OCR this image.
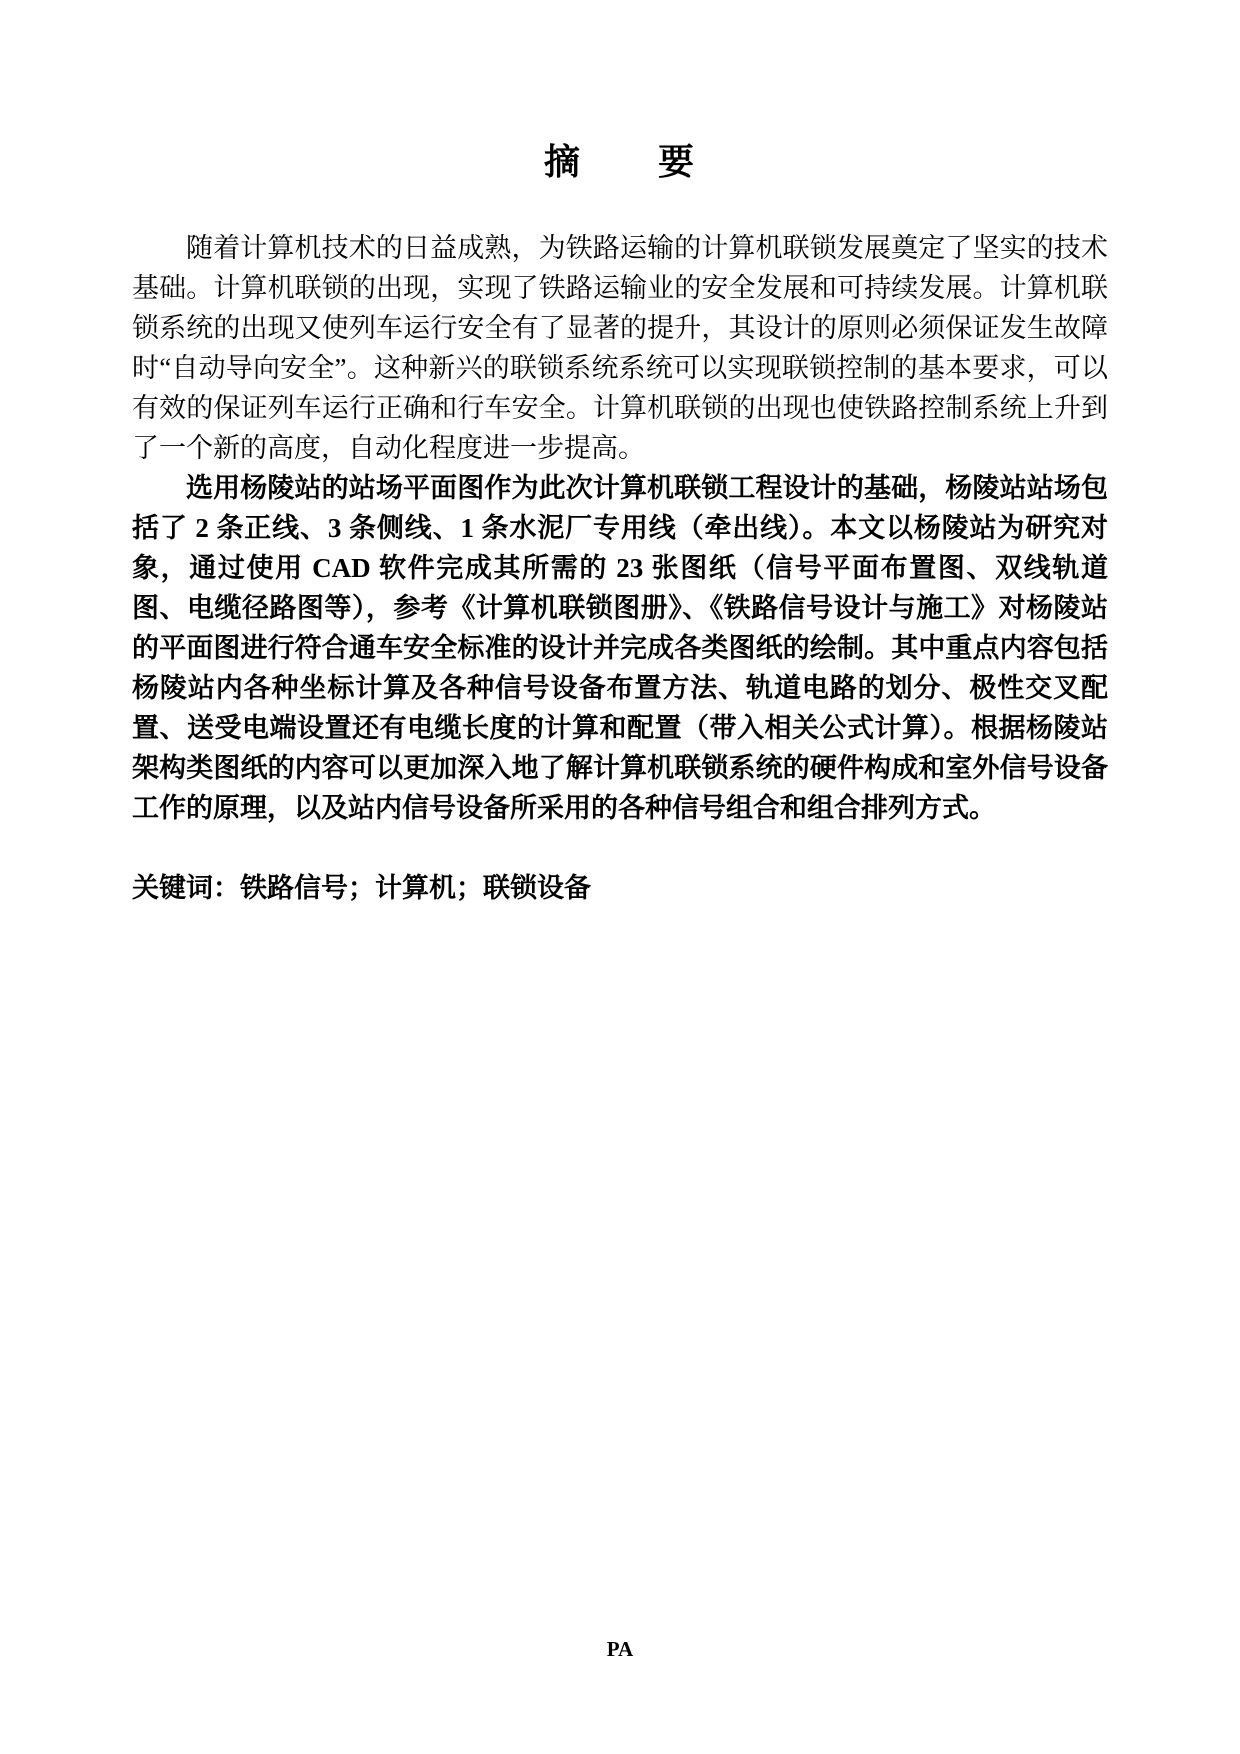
摘　　要

随着计算机技术的日益成熟，为铁路运输的计算机联锁发展奠定了坚实的技术基础。计算机联锁的出现，实现了铁路运输业的安全发展和可持续发展。计算机联锁系统的出现又使列车运行安全有了显著的提升，其设计的原则必须保证发生故障时“自动导向安全”。这种新兴的联锁系统系统可以实现联锁控制的基本要求，可以有效的保证列车运行正确和行车安全。计算机联锁的出现也使铁路控制系统上升到了一个新的高度，自动化程度进一步提高。

选用杨陵站的站场平面图作为此次计算机联锁工程设计的基础，杨陵站站场包括了 2 条正线、3 条侧线、1 条水泥厂专用线（牵出线）。本文以杨陵站为研究对象，通过使用 CAD 软件完成其所需的 23 张图纸（信号平面布置图、双线轨道图、电缆径路图等），参考《计算机联锁图册》、《铁路信号设计与施工》对杨陵站的平面图进行符合通车安全标准的设计并完成各类图纸的绘制。其中重点内容包括杨陵站内各种坐标计算及各种信号设备布置方法、轨道电路的划分、极性交叉配置、送受电端设置还有电缆长度的计算和配置（带入相关公式计算）。根据杨陵站架构类图纸的内容可以更加深入地了解计算机联锁系统的硬件构成和室外信号设备工作的原理，以及站内信号设备所采用的各种信号组合和组合排列方式。

关键词：铁路信号；计算机；联锁设备

PA
